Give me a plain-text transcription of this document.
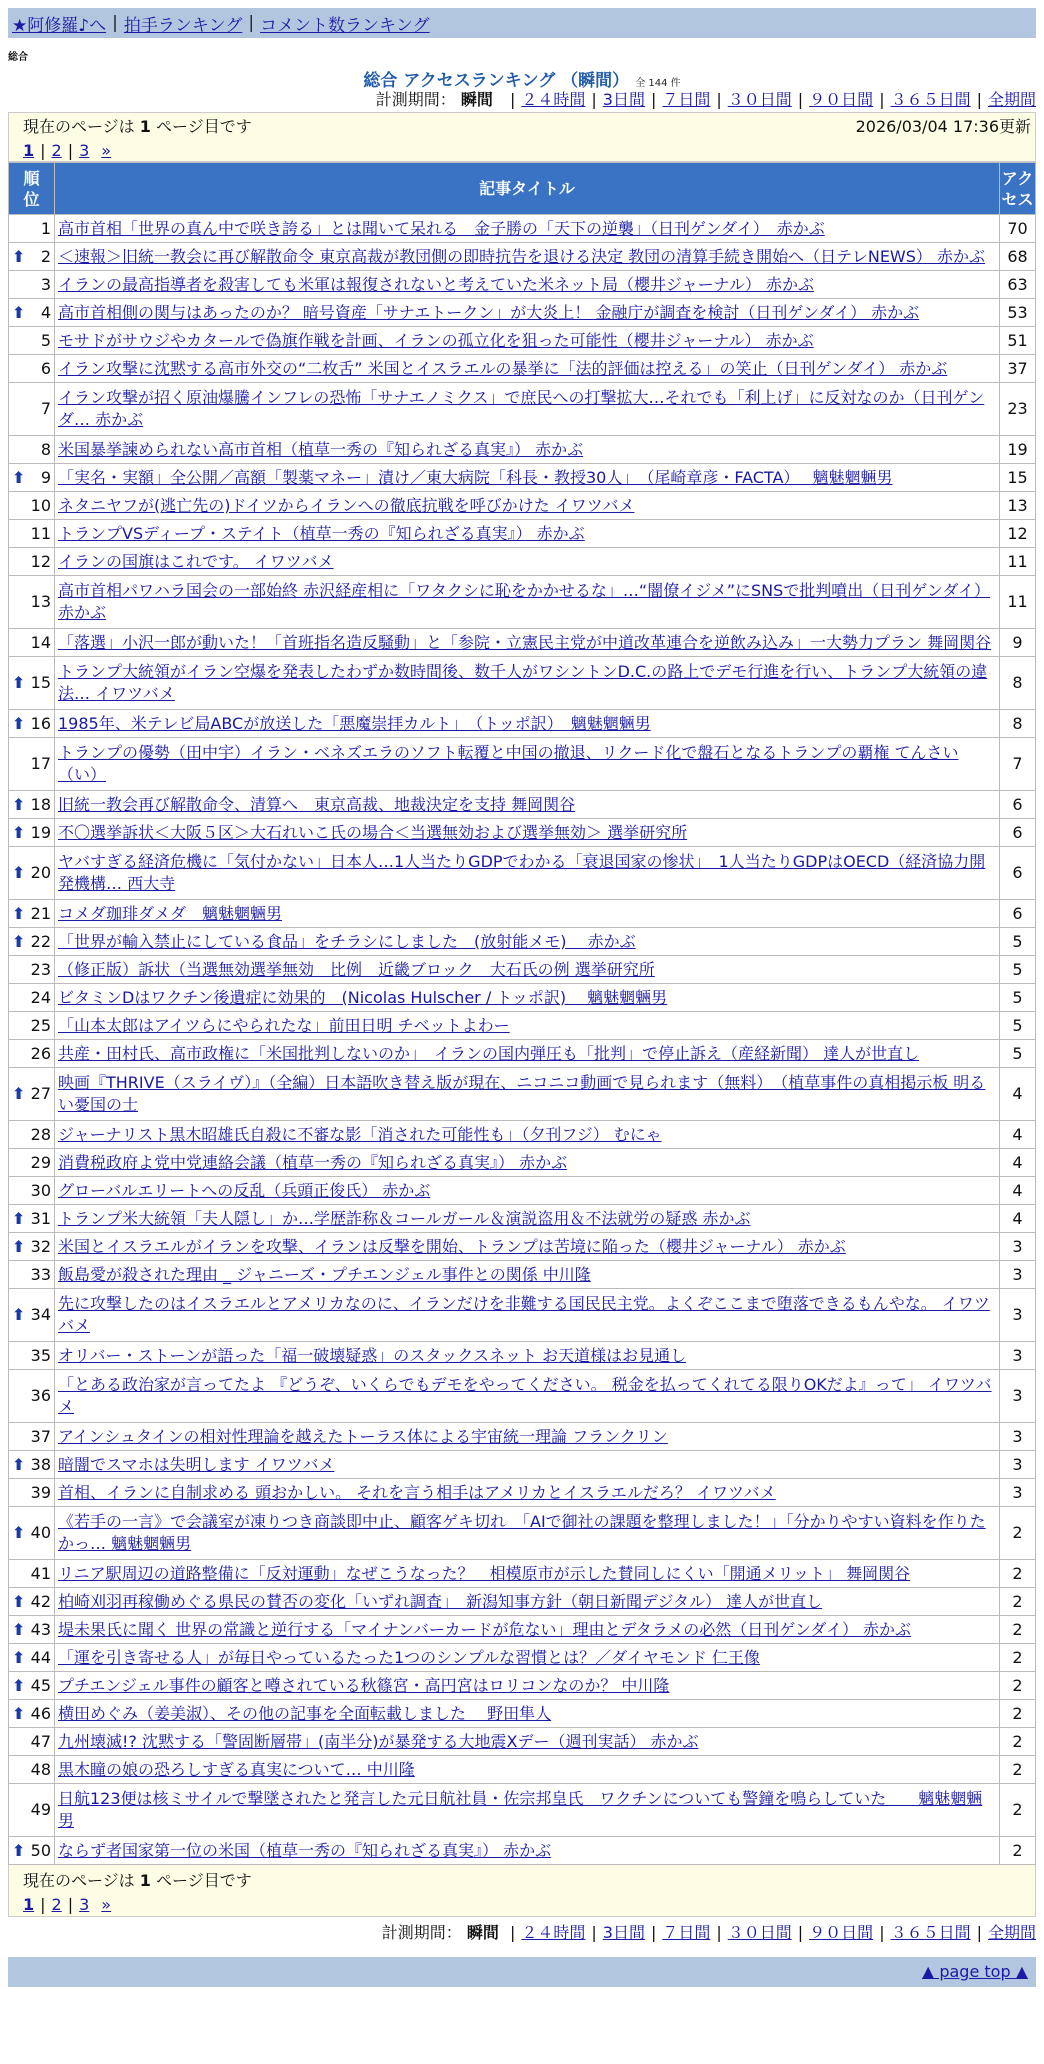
★阿修羅♪へ | 拍手ランキング | コメント数ランキング
総合
総合 アクセスランキング （瞬間） 全 144 件
計測期間： 瞬間 | ２４時間 | 3日間 | ７日間 | ３０日間 | ９０日間 | ３６５日間 | 全期間
現在のページは 1 ページ目です	2026/03/04 17:36更新
1 | 2 | 3 »
順
位	記事タイトル	アク
セス
1	高市首相「世界の真ん中で咲き誇る」とは聞いて呆れる　金子勝の「天下の逆襲」（日刊ゲンダイ）　赤かぶ	70

⬆ 2	＜速報＞旧統一教会に再び解散命令 東京高裁が教団側の即時抗告を退ける決定 教団の清算手続き開始へ（日テレNEWS） 赤かぶ	68
3	イランの最高指導者を殺害しても米軍は報復されないと考えていた米ネット局（櫻井ジャーナル） 赤かぶ	63

⬆ 4	高市首相側の関与はあったのか？ 暗号資産「サナエトークン」が大炎上！ 金融庁が調査を検討（日刊ゲンダイ） 赤かぶ	53
5	モサドがサウジやカタールで偽旗作戦を計画、イランの孤立化を狙った可能性（櫻井ジャーナル） 赤かぶ	51
6	イラン攻撃に沈黙する高市外交の“二枚舌” 米国とイスラエルの暴挙に「法的評価は控える」の笑止（日刊ゲンダイ） 赤かぶ	37
7	イラン攻撃が招く原油爆騰インフレの恐怖「サナエノミクス」で庶民への打撃拡大…それでも「利上げ」に反対なのか（日刊ゲンダ… 赤かぶ	23
8	米国暴挙諫められない高市首相（植草一秀の『知られざる真実』） 赤かぶ	19

⬆ 9	「実名・実額」全公開／高額「製薬マネー」漬け／東大病院「科長・教授30人」　（尾崎章彦・FACTA）　 魑魅魍魎男	15
10	ネタニヤフが(逃亡先の)ドイツからイランへの徹底抗戦を呼びかけた イワツバメ	13
11	トランプVSディープ・ステイト（植草一秀の『知られざる真実』） 赤かぶ	12
12	イランの国旗はこれです。 イワツバメ	11
13	高市首相パワハラ国会の一部始終 赤沢経産相に「ワタクシに恥をかかせるな」…“闇僚イジメ”にSNSで批判噴出（日刊ゲンダイ） 赤かぶ	11
14	「落選」小沢一郎が動いた！「首班指名造反騒動」と「参院・立憲民主党が中道改革連合を逆飲み込み」一大勢力プラン 舞岡関谷	9

⬆ 15	トランプ大統領がイラン空爆を発表したわずか数時間後、数千人がワシントンD.C.の路上でデモ行進を行い、トランプ大統領の違法… イワツバメ	8

⬆ 16	1985年、米テレビ局ABCが放送した「悪魔崇拝カルト」　（トッポ訳）　魑魅魍魎男	8
17	トランプの優勢（田中宇）イラン・ベネズエラのソフト転覆と中国の撤退、リクード化で盤石となるトランプの覇権 てんさい（い）	7

⬆ 18	旧統一教会再び解散命令、清算へ　東京高裁、地裁決定を支持 舞岡関谷	6

⬆ 19	不〇選挙訴状＜大阪５区＞大石れいこ氏の場合＜当選無効および選挙無効＞ 選挙研究所	6

⬆ 20	ヤバすぎる経済危機に「気付かない」日本人…1人当たりGDPでわかる「衰退国家の惨状」　1人当たりGDPはOECD（経済協力開発機構… 西大寺	6

⬆ 21	コメダ珈琲ダメダ　魑魅魍魎男	6

⬆ 22	「世界が輸入禁止にしている食品」をチラシにしました　(放射能メモ)　 赤かぶ	5
23	（修正版）訴状（当選無効選挙無効　比例　近畿ブロック　大石氏の例 選挙研究所	5
24	ビタミンDはワクチン後遺症に効果的　(Nicolas Hulscher / トッポ訳)　 魑魅魍魎男	5
25	「山本太郎はアイツらにやられたな」前田日明 チベットよわー	5
26	共産・田村氏、高市政権に「米国批判しないのか」　イランの国内弾圧も「批判」で停止訴え（産経新聞） 達人が世直し	5

⬆ 27	映画『THRIVE（スライヴ）』（全編）日本語吹き替え版が現在、ニコニコ動画で見られます（無料）　（植草事件の真相掲示板 明るい憂国の士	4
28	ジャーナリスト黒木昭雄氏自殺に不審な影「消された可能性も」（夕刊フジ） むにゃ	4
29	消費税政府よ党中党連絡会議（植草一秀の『知られざる真実』） 赤かぶ	4
30	グローバルエリートへの反乱（兵頭正俊氏） 赤かぶ	4

⬆ 31	トランプ米大統領「夫人隠し」か…学歴詐称＆コールガール＆演説盗用＆不法就労の疑惑 赤かぶ	4

⬆ 32	米国とイスラエルがイランを攻撃、イランは反撃を開始、トランプは苦境に陥った（櫻井ジャーナル） 赤かぶ	3
33	飯島愛が殺された理由 _ ジャニーズ・プチエンジェル事件との関係 中川隆	3

⬆ 34	先に攻撃したのはイスラエルとアメリカなのに、イランだけを非難する国民民主党。よくぞここまで堕落できるもんやな。 イワツバメ	3
35	オリバー・ストーンが語った「福一破壊疑惑」のスタックスネット お天道様はお見通し	3
36	「とある政治家が言ってたよ 『どうぞ、いくらでもデモをやってください。 税金を払ってくれてる限りOKだよ』って」 イワツバメ	3
37	アインシュタインの相対性理論を越えたトーラス体による宇宙統一理論 フランクリン	3

⬆ 38	暗闇でスマホは失明します イワツバメ	3
39	首相、イランに自制求める 頭おかしい。 それを言う相手はアメリカとイスラエルだろ？ イワツバメ	3

⬆ 40	《若手の一言》で会議室が凍りつき商談即中止、顧客ゲキ切れ　「AIで御社の課題を整理しました！」「分かりやすい資料を作りたかっ… 魑魅魍魎男	2
41	リニア駅周辺の道路整備に「反対運動」なぜこうなった？　相模原市が示した賛同しにくい「開通メリット」 舞岡関谷	2

⬆ 42	柏崎刈羽再稼働めぐる県民の賛否の変化「いずれ調査」　新潟知事方針（朝日新聞デジタル） 達人が世直し	2

⬆ 43	堤未果氏に聞く 世界の常識と逆行する「マイナンバーカードが危ない」理由とデタラメの必然（日刊ゲンダイ） 赤かぶ	2

⬆ 44	「運を引き寄せる人」が毎日やっているたった1つのシンプルな習慣とは？／ダイヤモンド 仁王像	2

⬆ 45	プチエンジェル事件の顧客と噂されている秋篠宮・高円宮はロリコンなのか？ 中川隆	2

⬆ 46	横田めぐみ（姜美淑）、その他の記事を全面転載しました　 野田隼人	2
47	九州壊滅!? 沈黙する「警固断層帯」(南半分)が暴発する大地震Xデー（週刊実話） 赤かぶ	2
48	黒木瞳の娘の恐ろしすぎる真実について… 中川隆	2
49	日航123便は核ミサイルで撃墜されたと発言した元日航社員・佐宗邦皇氏　ワクチンについても警鐘を鳴らしていた　　魑魅魍魎男	2

⬆ 50	ならず者国家第一位の米国（植草一秀の『知られざる真実』） 赤かぶ	2
現在のページは 1 ページ目です
1 | 2 | 3 »
計測期間： 瞬間 | ２４時間 | 3日間 | ７日間 | ３０日間 | ９０日間 | ３６５日間 | 全期間
▲ page top ▲
